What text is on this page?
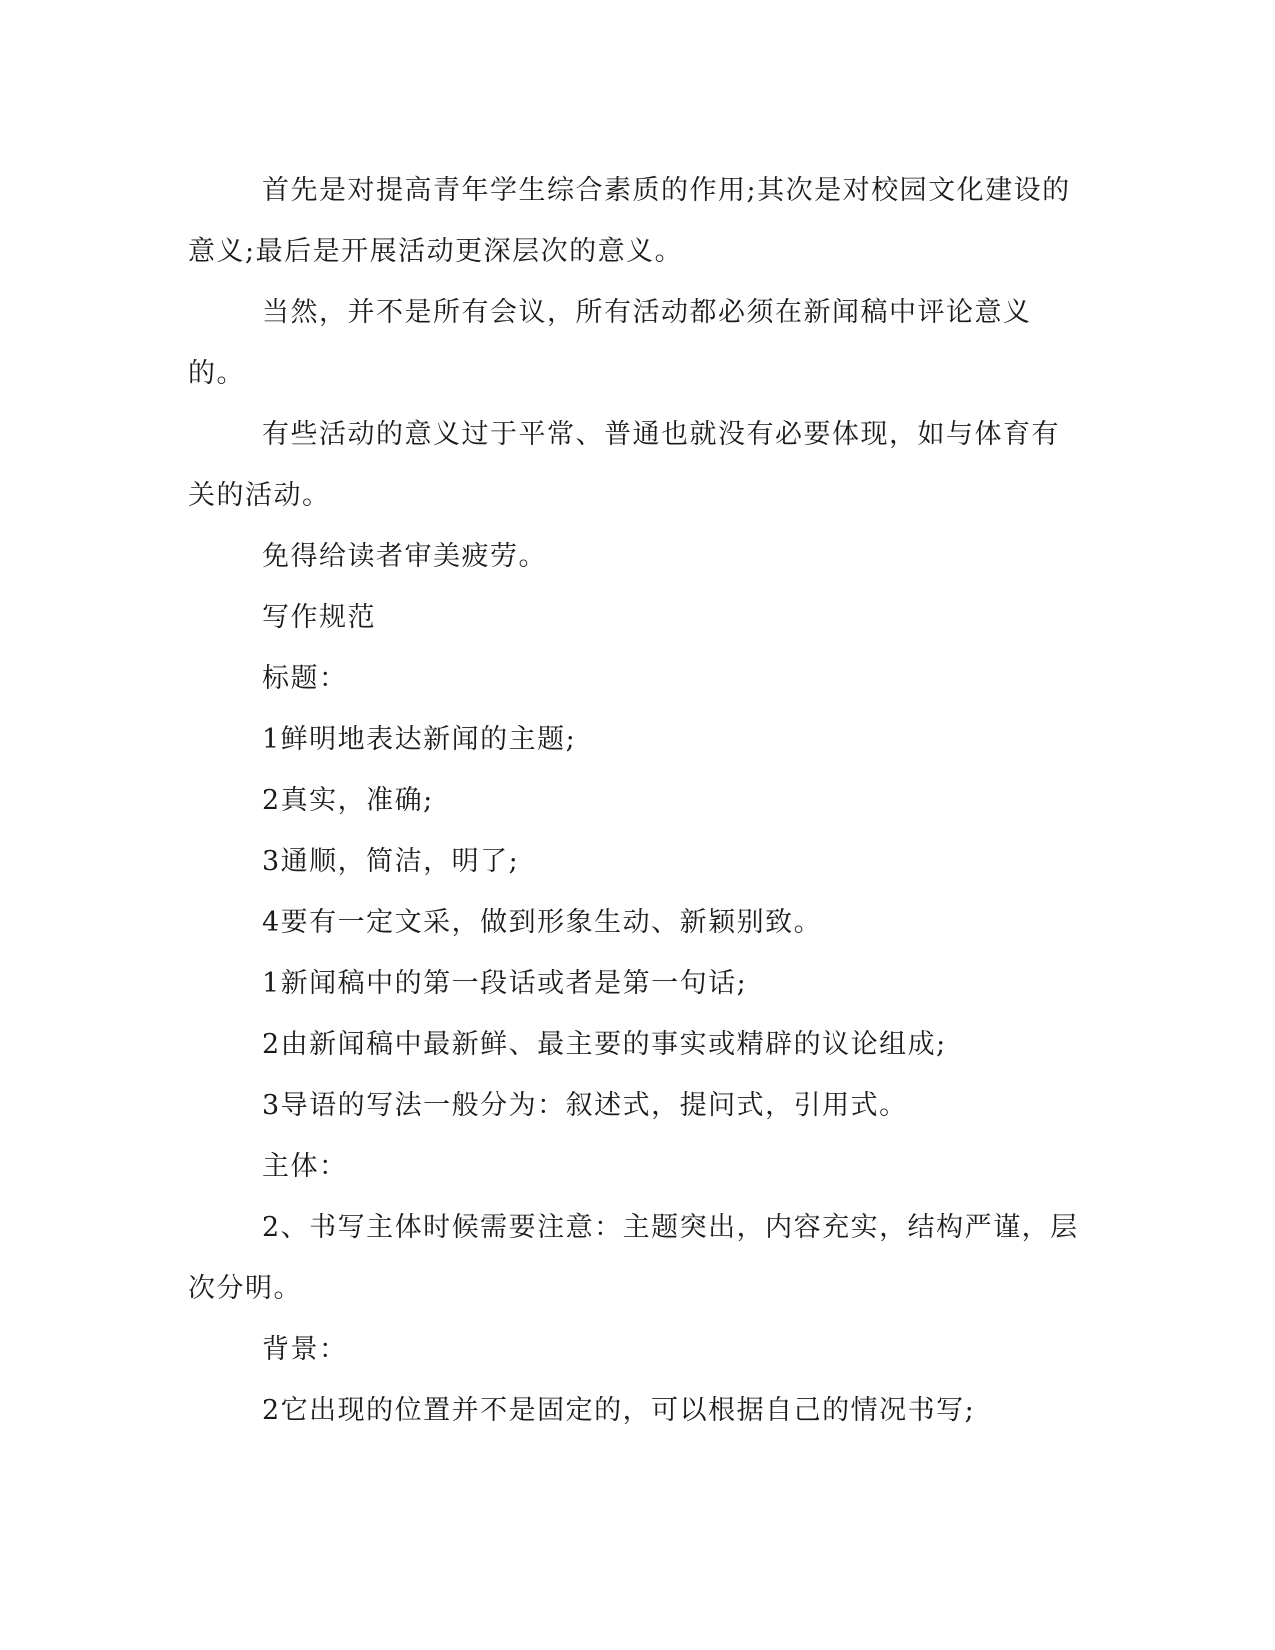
首先是对提高青年学生综合素质的作用;其次是对校园文化建设的意义;最后是开展活动更深层次的意义。

当然，并不是所有会议，所有活动都必须在新闻稿中评论意义的。

有些活动的意义过于平常、普通也就没有必要体现，如与体育有关的活动。

免得给读者审美疲劳。

写作规范

标题：

1鲜明地表达新闻的主题;

2真实，准确;

3通顺，简洁，明了;

4要有一定文采，做到形象生动、新颖别致。

1新闻稿中的第一段话或者是第一句话;

2由新闻稿中最新鲜、最主要的事实或精辟的议论组成;

3导语的写法一般分为：叙述式，提问式，引用式。

主体：

2、书写主体时候需要注意：主题突出，内容充实，结构严谨，层次分明。

背景：

2它出现的位置并不是固定的，可以根据自己的情况书写;
